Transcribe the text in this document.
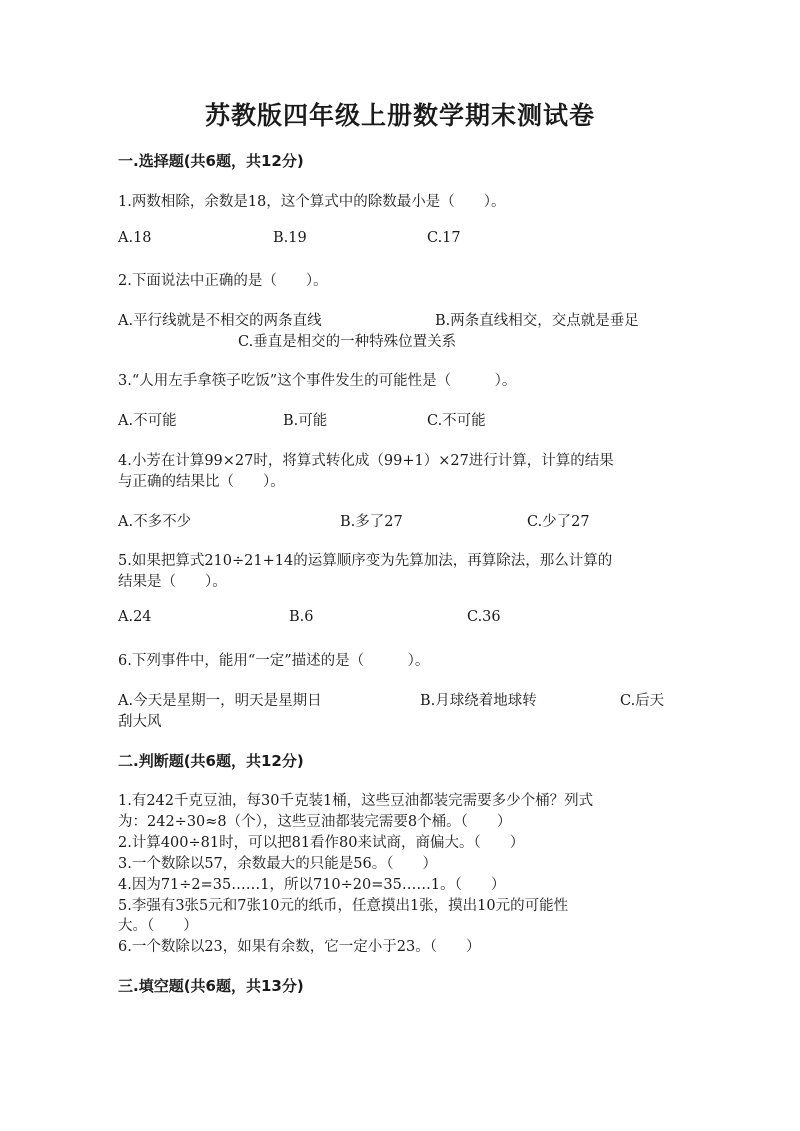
苏教版四年级上册数学期末测试卷
一.选择题(共6题，共12分)
1.两数相除，余数是18，这个算式中的除数最小是（　　）。
A.18	B.19	C.17
2.下面说法中正确的是（　　）。
A.平行线就是不相交的两条直线	B.两条直线相交，交点就是垂足
C.垂直是相交的一种特殊位置关系
3.“人用左手拿筷子吃饭”这个事件发生的可能性是（　　　）。
A.不可能	B.可能	C.不可能
4.小芳在计算99×27时，将算式转化成（99+1）×27进行计算，计算的结果
与正确的结果比（　　）。
A.不多不少	B.多了27	C.少了27
5.如果把算式210÷21+14的运算顺序变为先算加法，再算除法，那么计算的
结果是（　　）。
A.24	B.6	C.36
6.下列事件中，能用“一定”描述的是（　　　）。
A.今天是星期一，明天是星期日	B.月球绕着地球转	C.后天
刮大风
二.判断题(共6题，共12分)
1.有242千克豆油，每30千克装1桶，这些豆油都装完需要多少个桶？列式
为：242÷30≈8（个），这些豆油都装完需要8个桶。（　　）
2.计算400÷81时，可以把81看作80来试商，商偏大。（　　）
3.一个数除以57，余数最大的只能是56。（　　）
4.因为71÷2=35……1，所以710÷20=35……1。（　　）
5.李强有3张5元和7张10元的纸币，任意摸出1张，摸出10元的可能性
大。（　　）
6.一个数除以23，如果有余数，它一定小于23。（　　）
三.填空题(共6题，共13分)
